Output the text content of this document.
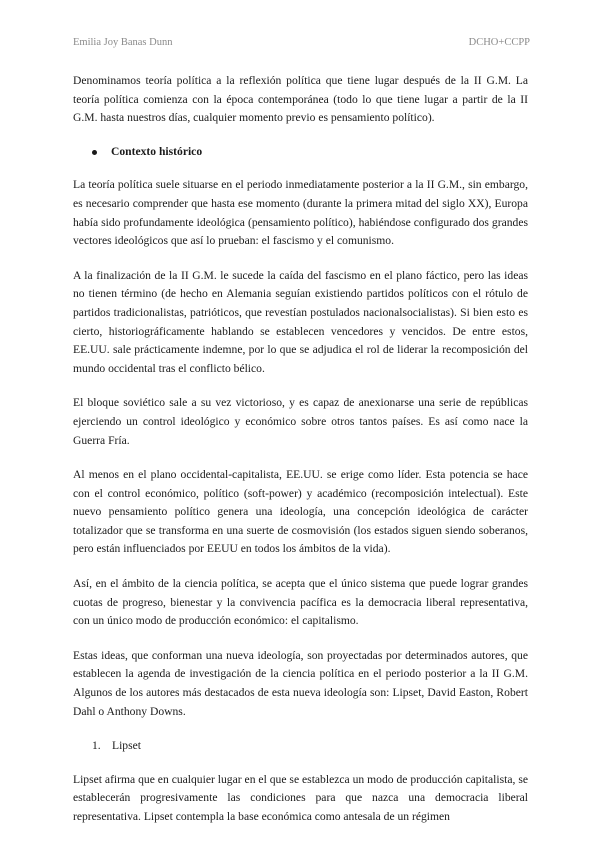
Emilia Joy Banas Dunn	DCHO+CCPP

Denominamos teoría política a la reflexión política que tiene lugar después de la II G.M. La teoría política comienza con la época contemporánea (todo lo que tiene lugar a partir de la II G.M. hasta nuestros días, cualquier momento previo es pensamiento político).

Contexto histórico

La teoría política suele situarse en el periodo inmediatamente posterior a la II G.M., sin embargo, es necesario comprender que hasta ese momento (durante la primera mitad del siglo XX), Europa había sido profundamente ideológica (pensamiento político), habiéndose configurado dos grandes vectores ideológicos que así lo prueban: el fascismo y el comunismo.

A la finalización de la II G.M. le sucede la caída del fascismo en el plano fáctico, pero las ideas no tienen término (de hecho en Alemania seguían existiendo partidos políticos con el rótulo de partidos tradicionalistas, patrióticos, que revestían postulados nacionalsocialistas). Si bien esto es cierto, historiográficamente hablando se establecen vencedores y vencidos. De entre estos, EE.UU. sale prácticamente indemne, por lo que se adjudica el rol de liderar la recomposición del mundo occidental tras el conflicto bélico.

El bloque soviético sale a su vez victorioso, y es capaz de anexionarse una serie de repúblicas ejerciendo un control ideológico y económico sobre otros tantos países. Es así como nace la Guerra Fría.

Al menos en el plano occidental-capitalista, EE.UU. se erige como líder. Esta potencia se hace con el control económico, político (soft-power) y académico (recomposición intelectual). Este nuevo pensamiento político genera una ideología, una concepción ideológica de carácter totalizador que se transforma en una suerte de cosmovisión (los estados siguen siendo soberanos, pero están influenciados por EEUU en todos los ámbitos de la vida).

Así, en el ámbito de la ciencia política, se acepta que el único sistema que puede lograr grandes cuotas de progreso, bienestar y la convivencia pacífica es la democracia liberal representativa, con un único modo de producción económico: el capitalismo.

Estas ideas, que conforman una nueva ideología, son proyectadas por determinados autores, que establecen la agenda de investigación de la ciencia política en el periodo posterior a la II G.M. Algunos de los autores más destacados de esta nueva ideología son: Lipset, David Easton, Robert Dahl o Anthony Downs.

1. Lipset

Lipset afirma que en cualquier lugar en el que se establezca un modo de producción capitalista, se establecerán progresivamente las condiciones para que nazca una democracia liberal representativa. Lipset contempla la base económica como antesala de un régimen
